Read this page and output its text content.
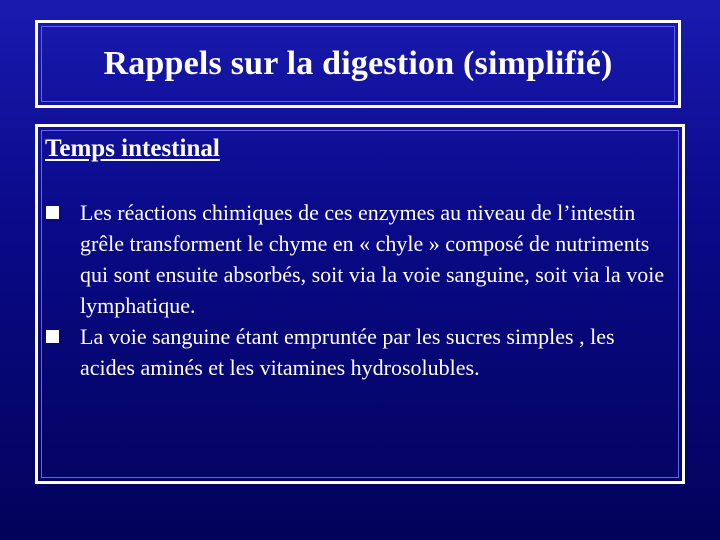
Rappels sur la digestion (simplifié)
Temps intestinal
Les réactions chimiques de ces enzymes au niveau de l’intestin grêle transforment le chyme en « chyle » composé de nutriments qui sont ensuite absorbés, soit via la voie sanguine, soit via la voie lymphatique.
La voie sanguine étant empruntée par les sucres simples , les acides aminés et les vitamines hydrosolubles.
